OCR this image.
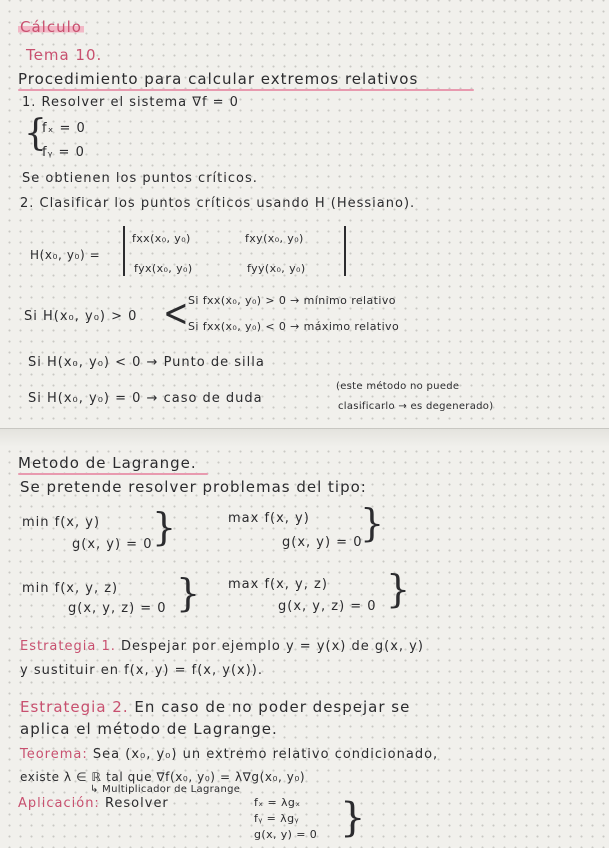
Cálculo
Tema 10.
Procedimiento para calcular extremos relativos
1. Resolver el sistema ∇f = 0
{
fₓ = 0
fᵧ = 0
Se obtienen los puntos críticos.
2. Clasificar los puntos críticos usando H (Hessiano).
H(x₀, y₀) =
fxx(x₀, y₀)	fxy(x₀, y₀)
fyx(x₀, y₀)	fyy(x₀, y₀)
Si H(x₀, y₀) > 0 < Si fxx(x₀, y₀) > 0 → mínimo relativo
Si fxx(x₀, y₀) < 0 → máximo relativo
Si H(x₀, y₀) < 0 → Punto de silla
Si H(x₀, y₀) = 0 → caso de duda
(este método no puede
clasificarlo → es degenerado)
Metodo de Lagrange.
Se pretende resolver problemas del tipo:
min f(x, y)
g(x, y) = 0 }	max f(x, y)
g(x, y) = 0
}
min f(x, y, z)
g(x, y, z) = 0 } max f(x, y, z)
g(x, y, z) = 0 }
Estrategia 1. Despejar por ejemplo y = y(x) de g(x, y)
y sustituir en f(x, y) = f(x, y(x)).
Estrategia 2. En caso de no poder despejar se
aplica el método de Lagrange.
Teorema: Sea (x₀, y₀) un extremo relativo condicionado,
existe λ ∈ ℝ tal que ∇f(x₀, y₀) = λ∇g(x₀, y₀)
↳ Multiplicador de Lagrange
Aplicación: Resolver	fₓ = λgₓ
fᵧ = λgᵧ
g(x, y) = 0 }
